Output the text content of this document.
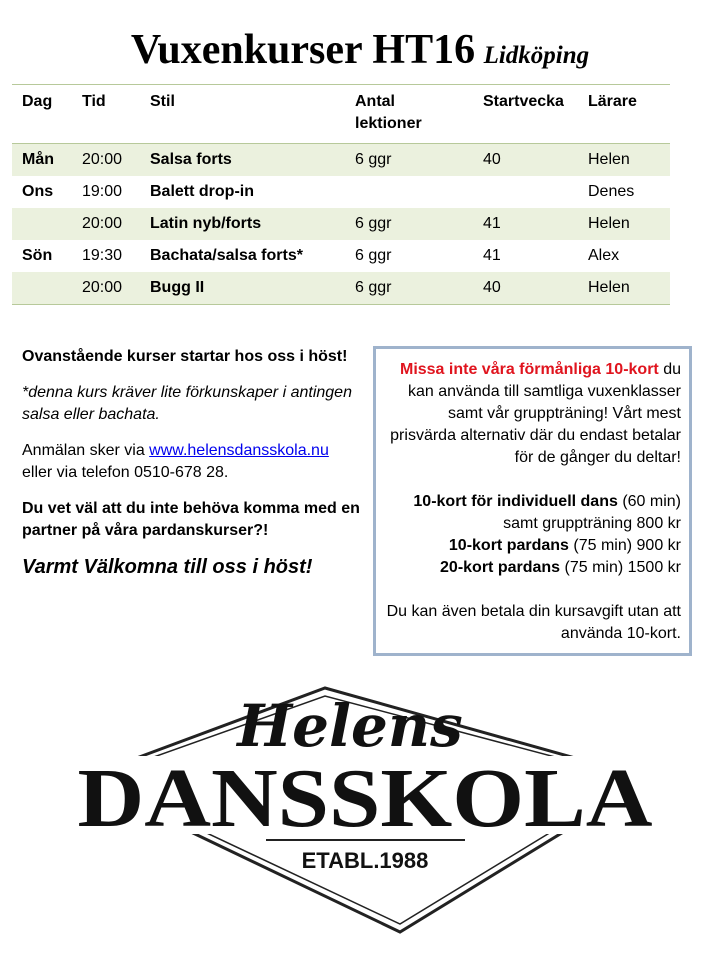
Vuxenkurser HT16 Lidköping
Dag	Tid	Stil	Antal lektioner	Startvecka	Lärare
Mån	20:00	Salsa forts	6 ggr	40	Helen
Ons	19:00	Balett drop-in			Denes
	20:00	Latin nyb/forts	6 ggr	41	Helen
Sön	19:30	Bachata/salsa forts*	6 ggr	41	Alex
	20:00	Bugg II	6 ggr	40	Helen

Ovanstående kurser startar hos oss i höst!

*denna kurs kräver lite förkunskaper i antingen salsa eller bachata.

Anmälan sker via www.helensdansskola.nu eller via telefon 0510-678 28.

Du vet väl att du inte behöva komma med en partner på våra pardanskurser?!

Varmt Välkomna till oss i höst!

Missa inte våra förmånliga 10-kort du kan använda till samtliga vuxenklasser samt vår gruppträning! Vårt mest prisvärda alternativ där du endast betalar för de gånger du deltar!

10-kort för individuell dans (60 min) samt gruppträning 800 kr
10-kort pardans (75 min) 900 kr
20-kort pardans (75 min) 1500 kr

Du kan även betala din kursavgift utan att använda 10-kort.

Helens
DANSSKOLA
ETABL.1988
